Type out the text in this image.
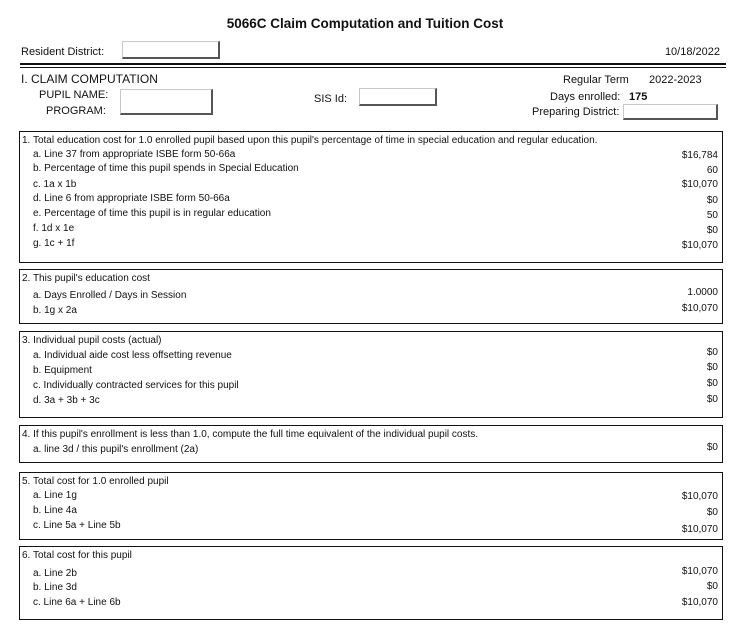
5066C Claim Computation and Tuition Cost
Resident District:	10/18/2022
I. CLAIM COMPUTATION
PUPIL NAME:
PROGRAM:
SIS Id:
Regular Term 2022-2023
Days enrolled: 175
Preparing District:
1. Total education cost for 1.0 enrolled pupil based upon this pupil's percentage of time in special education and regular education.
a. Line 37 from appropriate ISBE form 50-66a	$16,784
b. Percentage of time this pupil spends in Special Education	60
c. 1a x 1b	$10,070
d. Line 6 from appropriate ISBE form 50-66a	$0
e. Percentage of time this pupil is in regular education	50
f. 1d x 1e	$0
g. 1c + 1f	$10,070
2. This pupil's education cost
a. Days Enrolled / Days in Session	1.0000
b. 1g x 2a	$10,070
3. Individual pupil costs (actual)
a. Individual aide cost less offsetting revenue	$0
b. Equipment	$0
c. Individually contracted services for this pupil	$0
d. 3a + 3b + 3c	$0
4. If this pupil's enrollment is less than 1.0, compute the full time equivalent of the individual pupil costs.
a. line 3d / this pupil's enrollment (2a)	$0
5. Total cost for 1.0 enrolled pupil
a. Line 1g	$10,070
b. Line 4a	$0
c. Line 5a + Line 5b	$10,070
6. Total cost for this pupil
a. Line 2b	$10,070
b. Line 3d	$0
c. Line 6a + Line 6b	$10,070
